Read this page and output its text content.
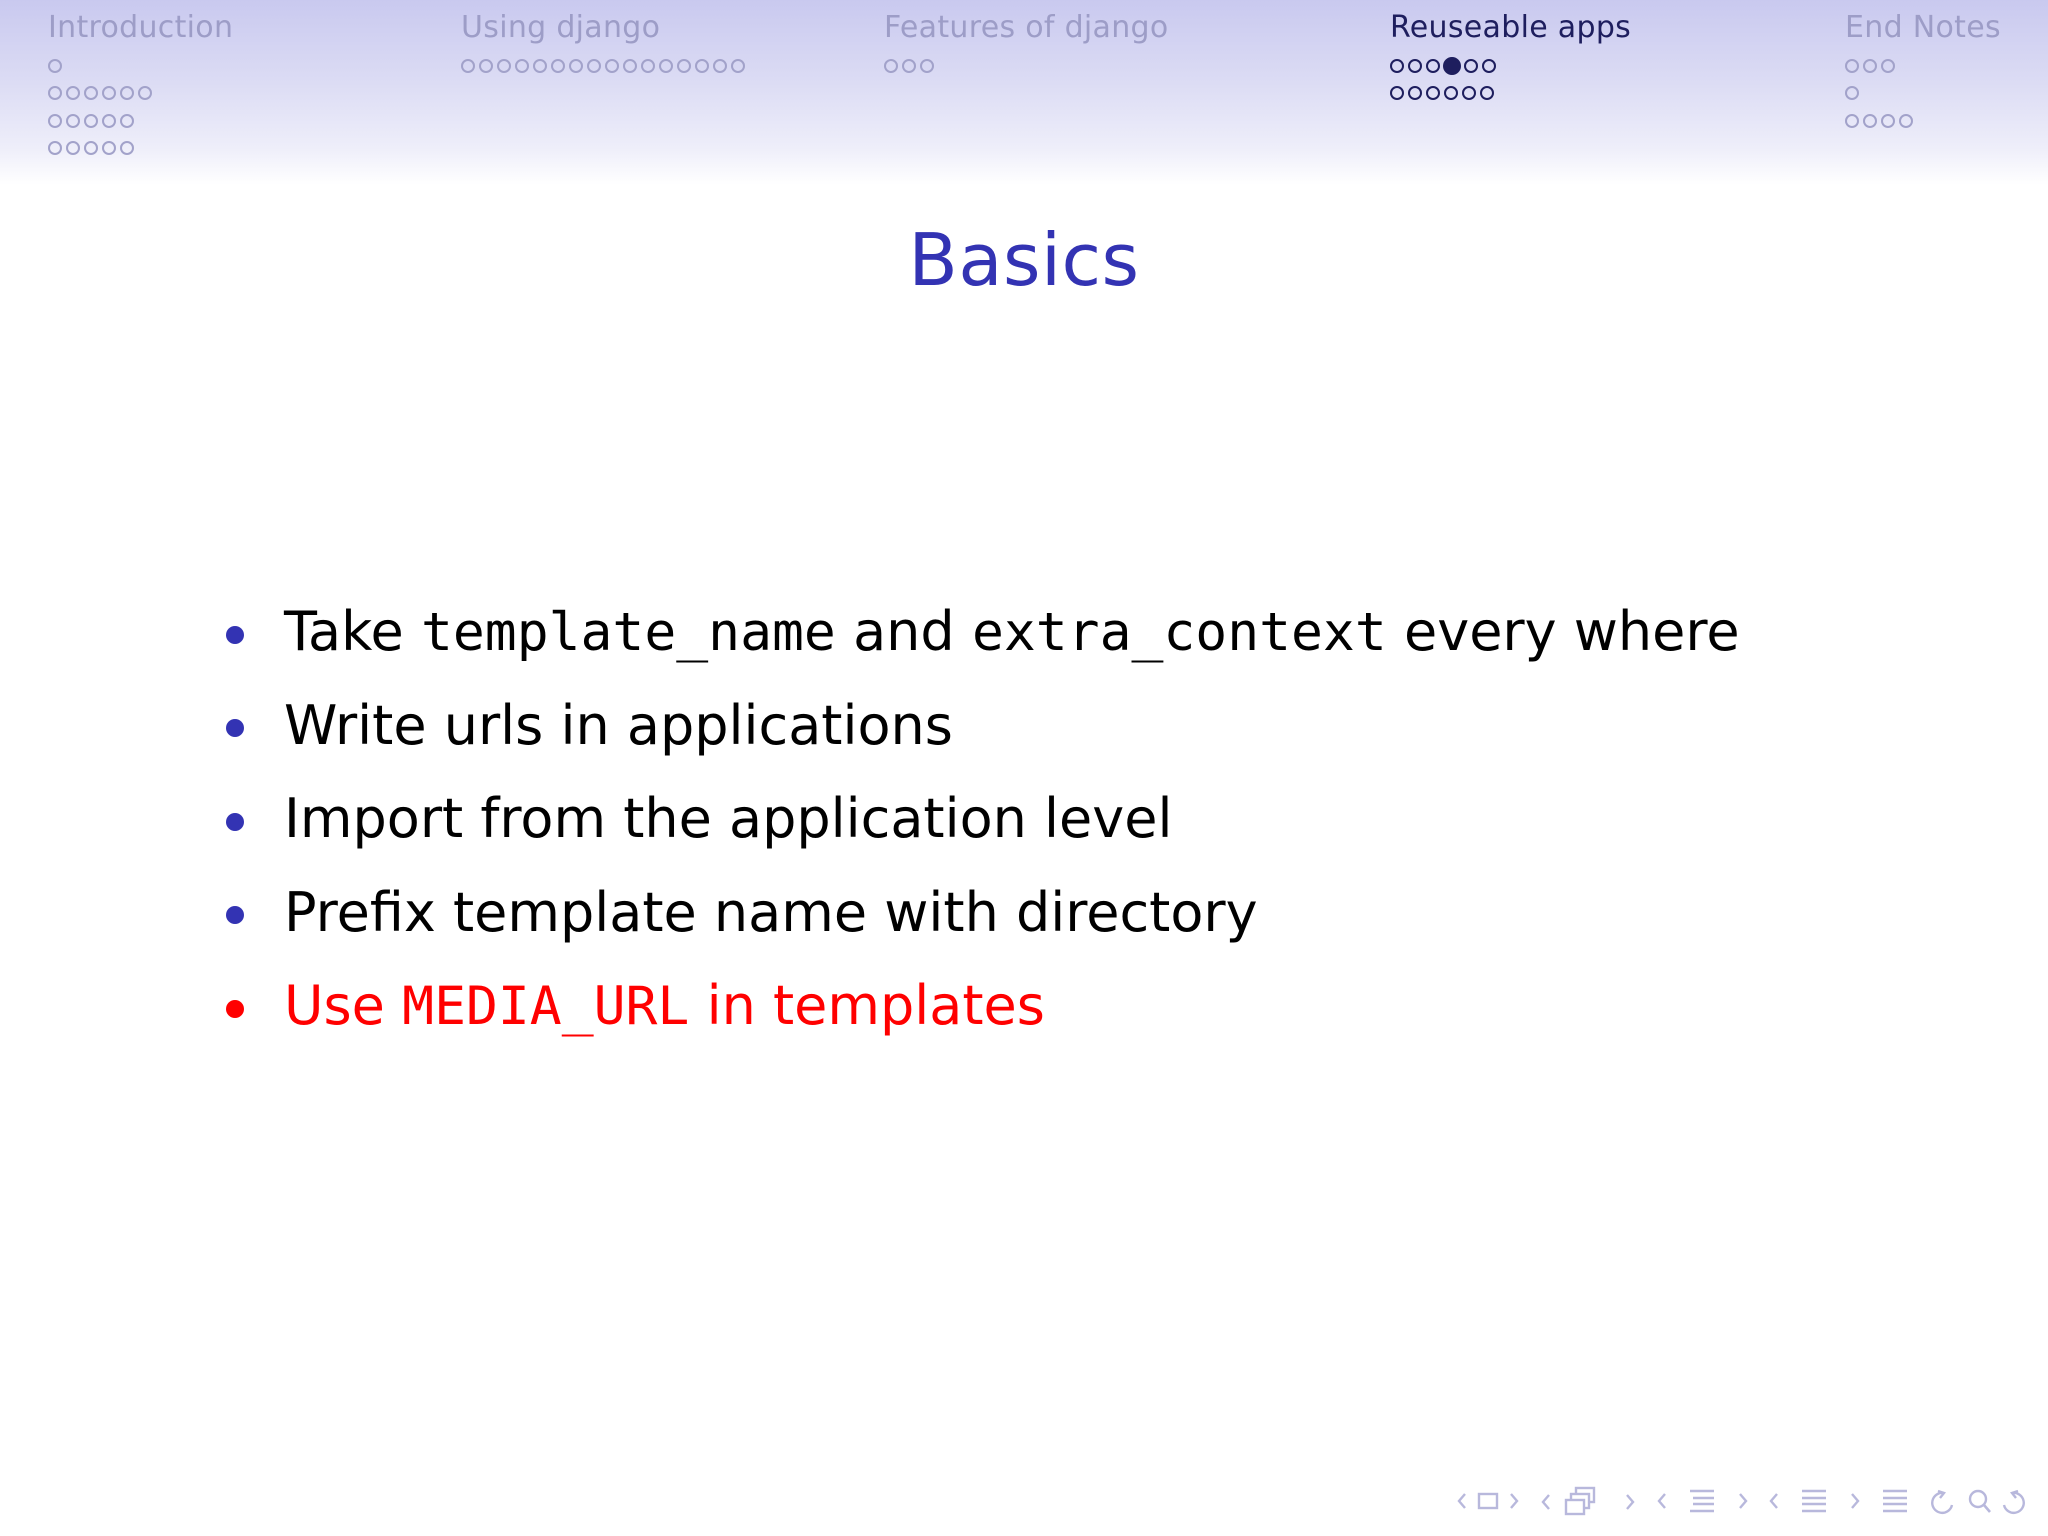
Introduction	Using django	Features of django	Reuseable apps	End Notes
Basics
Take template_name and extra_context every where
Write urls in applications
Import from the application level
Prefix template name with directory
Use MEDIA_URL in templates
